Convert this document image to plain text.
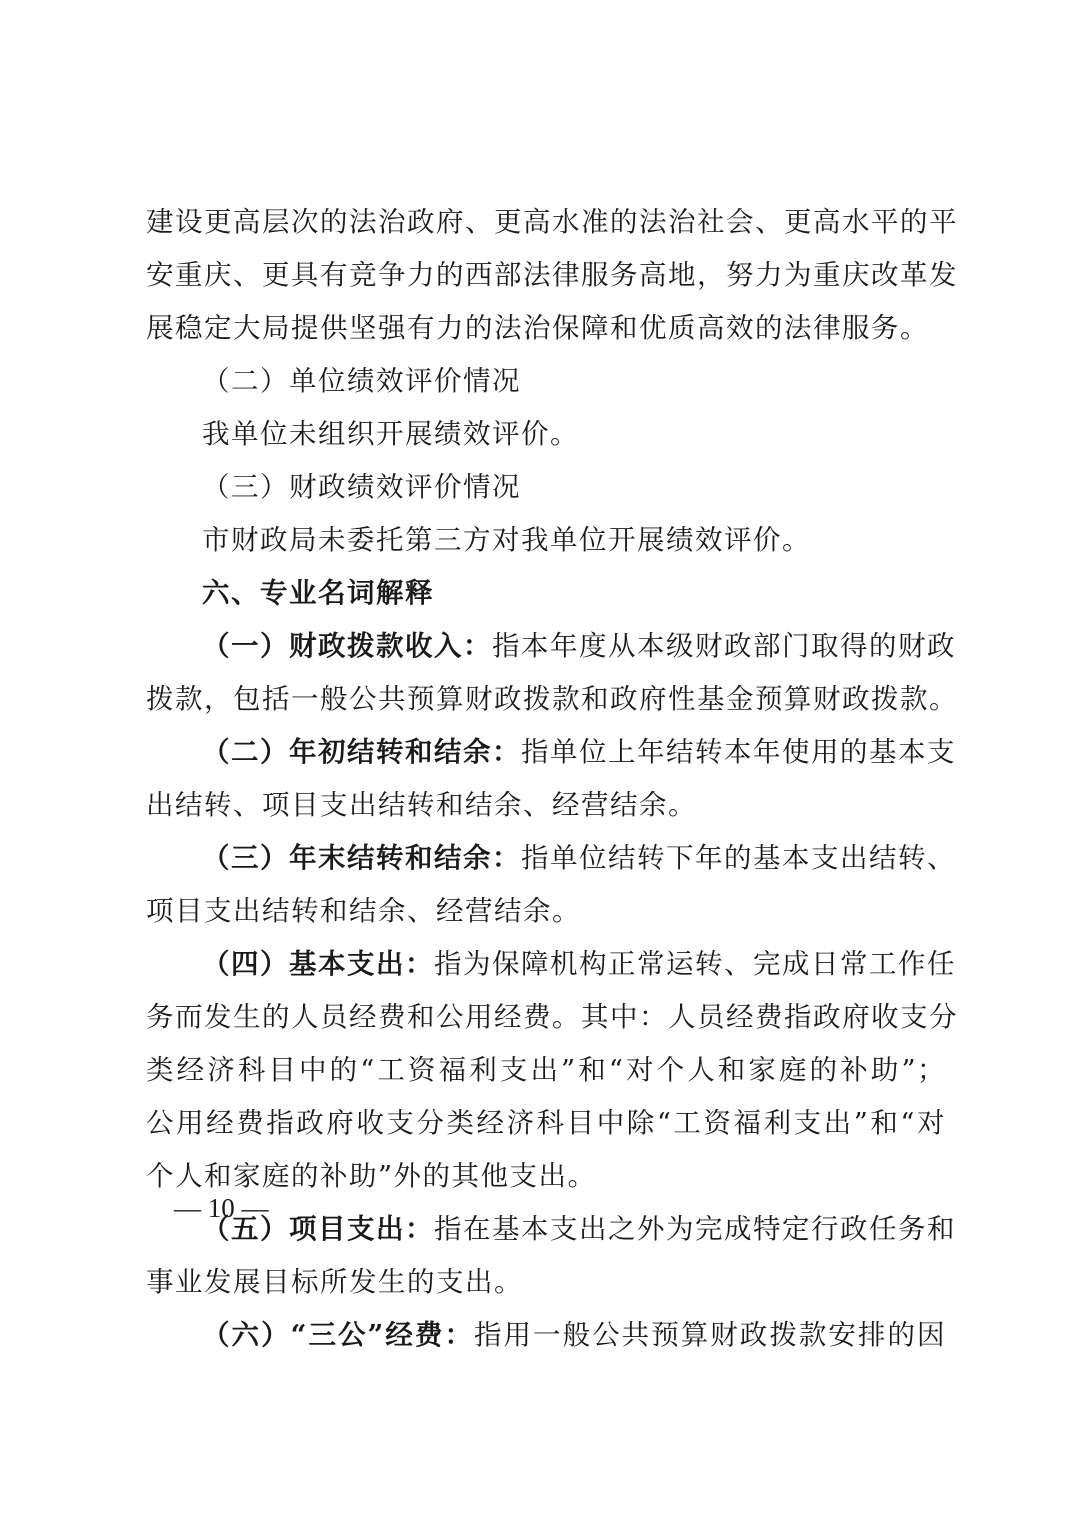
建设更高层次的法治政府、更高水准的法治社会、更高水平的平
安重庆、更具有竞争力的西部法律服务高地，努力为重庆改革发
展稳定大局提供坚强有力的法治保障和优质高效的法律服务。
（二）单位绩效评价情况
我单位未组织开展绩效评价。
（三）财政绩效评价情况
市财政局未委托第三方对我单位开展绩效评价。
六、专业名词解释
（一）财政拨款收入：指本年度从本级财政部门取得的财政
拨款，包括一般公共预算财政拨款和政府性基金预算财政拨款。
（二）年初结转和结余：指单位上年结转本年使用的基本支
出结转、项目支出结转和结余、经营结余。
（三）年末结转和结余：指单位结转下年的基本支出结转、
项目支出结转和结余、经营结余。
（四）基本支出：指为保障机构正常运转、完成日常工作任
务而发生的人员经费和公用经费。其中：人员经费指政府收支分
类经济科目中的“工资福利支出”和“对个人和家庭的补助”；
公用经费指政府收支分类经济科目中除“工资福利支出”和“对
个人和家庭的补助”外的其他支出。
（五）项目支出：指在基本支出之外为完成特定行政任务和
事业发展目标所发生的支出。
（六）“三公”经费：指用一般公共预算财政拨款安排的因
— 10 —
